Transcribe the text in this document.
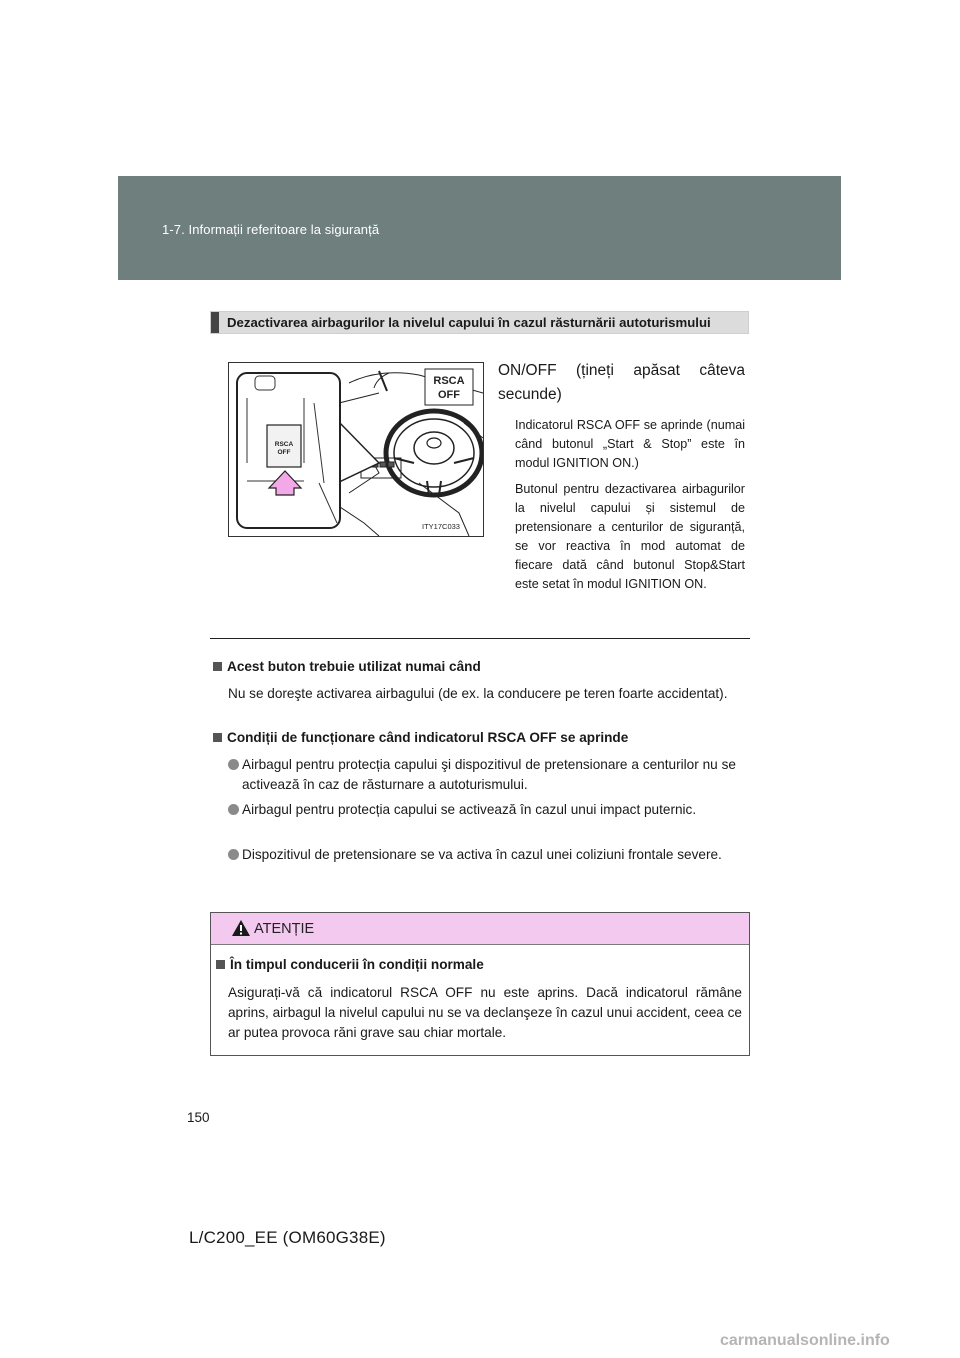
1-7. Informații referitoare la siguranță
Dezactivarea airbagurilor la nivelul capului în cazul răsturnării autoturismului
RSCA
OFF
RSCA
OFF
ITY17C033
ON/OFF (țineți apăsat câteva secunde)
Indicatorul RSCA OFF se aprinde (numai când butonul „Start & Stop” este în modul IGNITION ON.)
Butonul pentru dezactivarea airbagurilor la nivelul capului și sistemul de pretensionare a centurilor de siguranță, se vor reactiva în mod automat de fiecare dată când butonul Stop&Start este setat în modul IGNITION ON.
Acest buton trebuie utilizat numai când
Nu se doreşte activarea airbagului (de ex. la conducere pe teren foarte accidentat).
Condiții de funcționare când indicatorul RSCA OFF se aprinde
Airbagul pentru protecția capului şi dispozitivul de pretensionare a centurilor nu se activează în caz de răsturnare a autoturismului.
Airbagul pentru protecția capului se activează în cazul unui impact puternic.
Dispozitivul de pretensionare se va activa în cazul unei coliziuni frontale severe.
ATENȚIE
În timpul conducerii în condiții normale
Asigurați-vă că indicatorul RSCA OFF nu este aprins. Dacă indicatorul rămâne aprins, airbagul la nivelul capului nu se va declanşeze în cazul unui accident, ceea ce ar putea provoca răni grave sau chiar mortale.
150
L/C200_EE (OM60G38E)
carmanualsonline.info
